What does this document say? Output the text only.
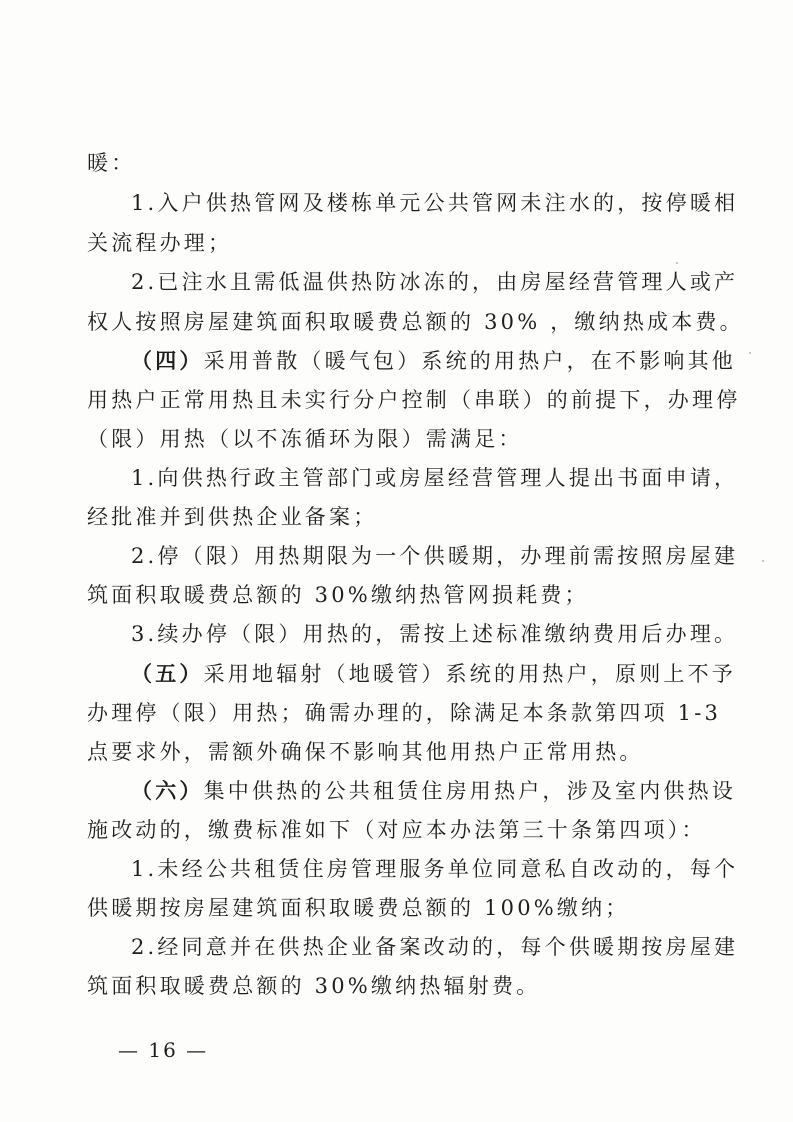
暖：
1.入户供热管网及楼栋单元公共管网未注水的，按停暖相
关流程办理；
2.已注水且需低温供热防冰冻的，由房屋经营管理人或产
权人按照房屋建筑面积取暖费总额的 30% ，缴纳热成本费。
（四）采用普散（暖气包）系统的用热户，在不影响其他
用热户正常用热且未实行分户控制（串联）的前提下，办理停
（限）用热（以不冻循环为限）需满足：
1.向供热行政主管部门或房屋经营管理人提出书面申请，
经批准并到供热企业备案；
2.停（限）用热期限为一个供暖期，办理前需按照房屋建
筑面积取暖费总额的 30%缴纳热管网损耗费；
3.续办停（限）用热的，需按上述标准缴纳费用后办理。
（五）采用地辐射（地暖管）系统的用热户，原则上不予
办理停（限）用热；确需办理的，除满足本条款第四项 1-3
点要求外，需额外确保不影响其他用热户正常用热。
（六）集中供热的公共租赁住房用热户，涉及室内供热设
施改动的，缴费标准如下（对应本办法第三十条第四项）：
1.未经公共租赁住房管理服务单位同意私自改动的，每个
供暖期按房屋建筑面积取暖费总额的 100%缴纳；
2.经同意并在供热企业备案改动的，每个供暖期按房屋建
筑面积取暖费总额的 30%缴纳热辐射费。
— 16 —
